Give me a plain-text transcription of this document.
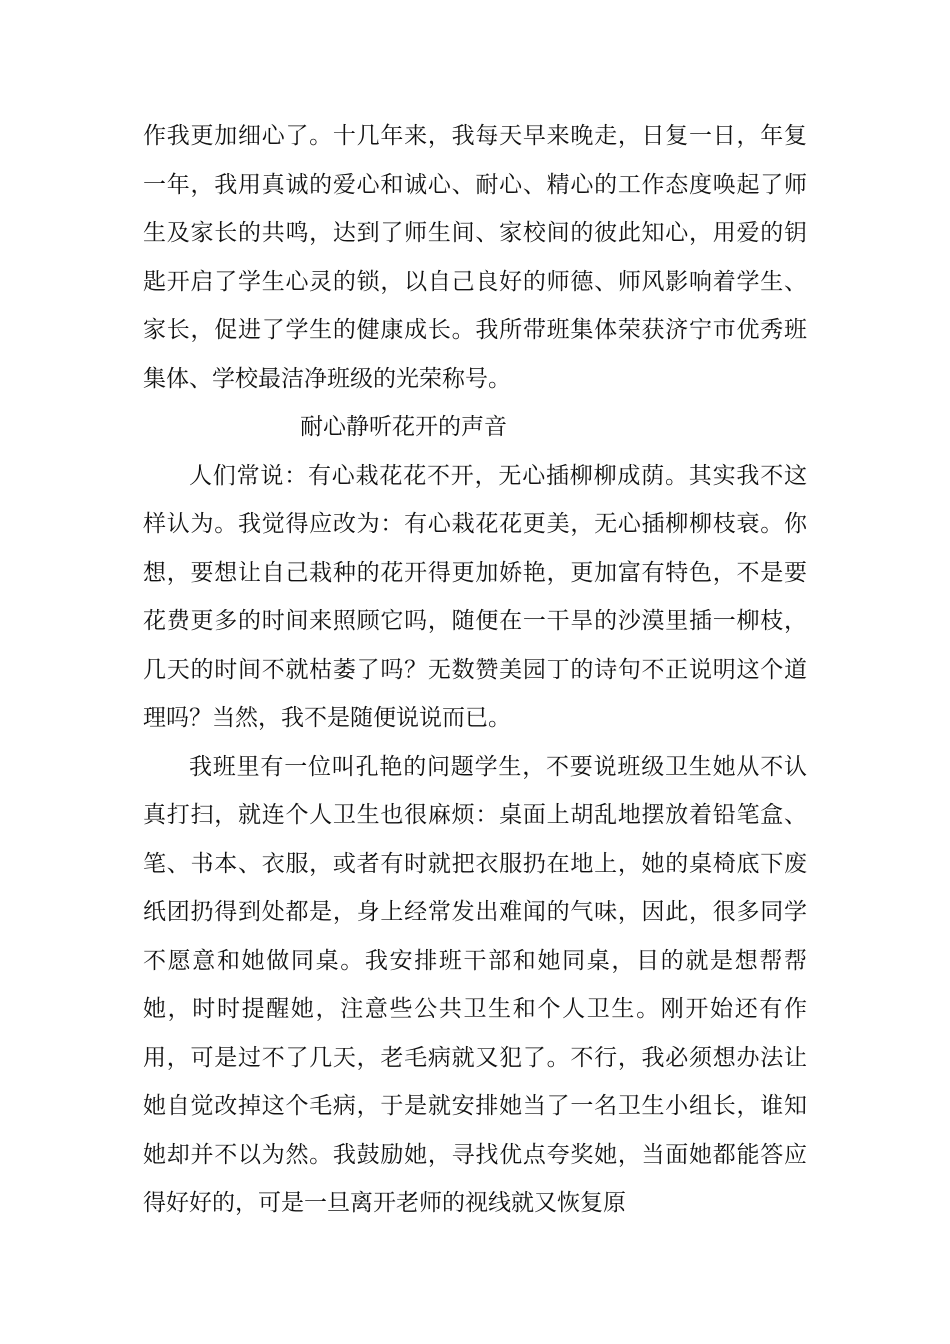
作我更加细心了。十几年来，我每天早来晚走，日复一日，年复一年，我用真诚的爱心和诚心、耐心、精心的工作态度唤起了师生及家长的共鸣，达到了师生间、家校间的彼此知心，用爱的钥匙开启了学生心灵的锁，以自己良好的师德、师风影响着学生、家长，促进了学生的健康成长。我所带班集体荣获济宁市优秀班集体、学校最洁净班级的光荣称号。

耐心静听花开的声音

人们常说：有心栽花花不开，无心插柳柳成荫。其实我不这样认为。我觉得应改为：有心栽花花更美，无心插柳柳枝衰。你想，要想让自己栽种的花开得更加娇艳，更加富有特色，不是要花费更多的时间来照顾它吗，随便在一干旱的沙漠里插一柳枝，几天的时间不就枯萎了吗？无数赞美园丁的诗句不正说明这个道理吗？当然，我不是随便说说而已。

我班里有一位叫孔艳的问题学生，不要说班级卫生她从不认真打扫，就连个人卫生也很麻烦：桌面上胡乱地摆放着铅笔盒、笔、书本、衣服，或者有时就把衣服扔在地上，她的桌椅底下废纸团扔得到处都是，身上经常发出难闻的气味，因此，很多同学不愿意和她做同桌。我安排班干部和她同桌，目的就是想帮帮她，时时提醒她，注意些公共卫生和个人卫生。刚开始还有作用，可是过不了几天，老毛病就又犯了。不行，我必须想办法让她自觉改掉这个毛病，于是就安排她当了一名卫生小组长，谁知她却并不以为然。我鼓励她，寻找优点夸奖她，当面她都能答应得好好的，可是一旦离开老师的视线就又恢复原
